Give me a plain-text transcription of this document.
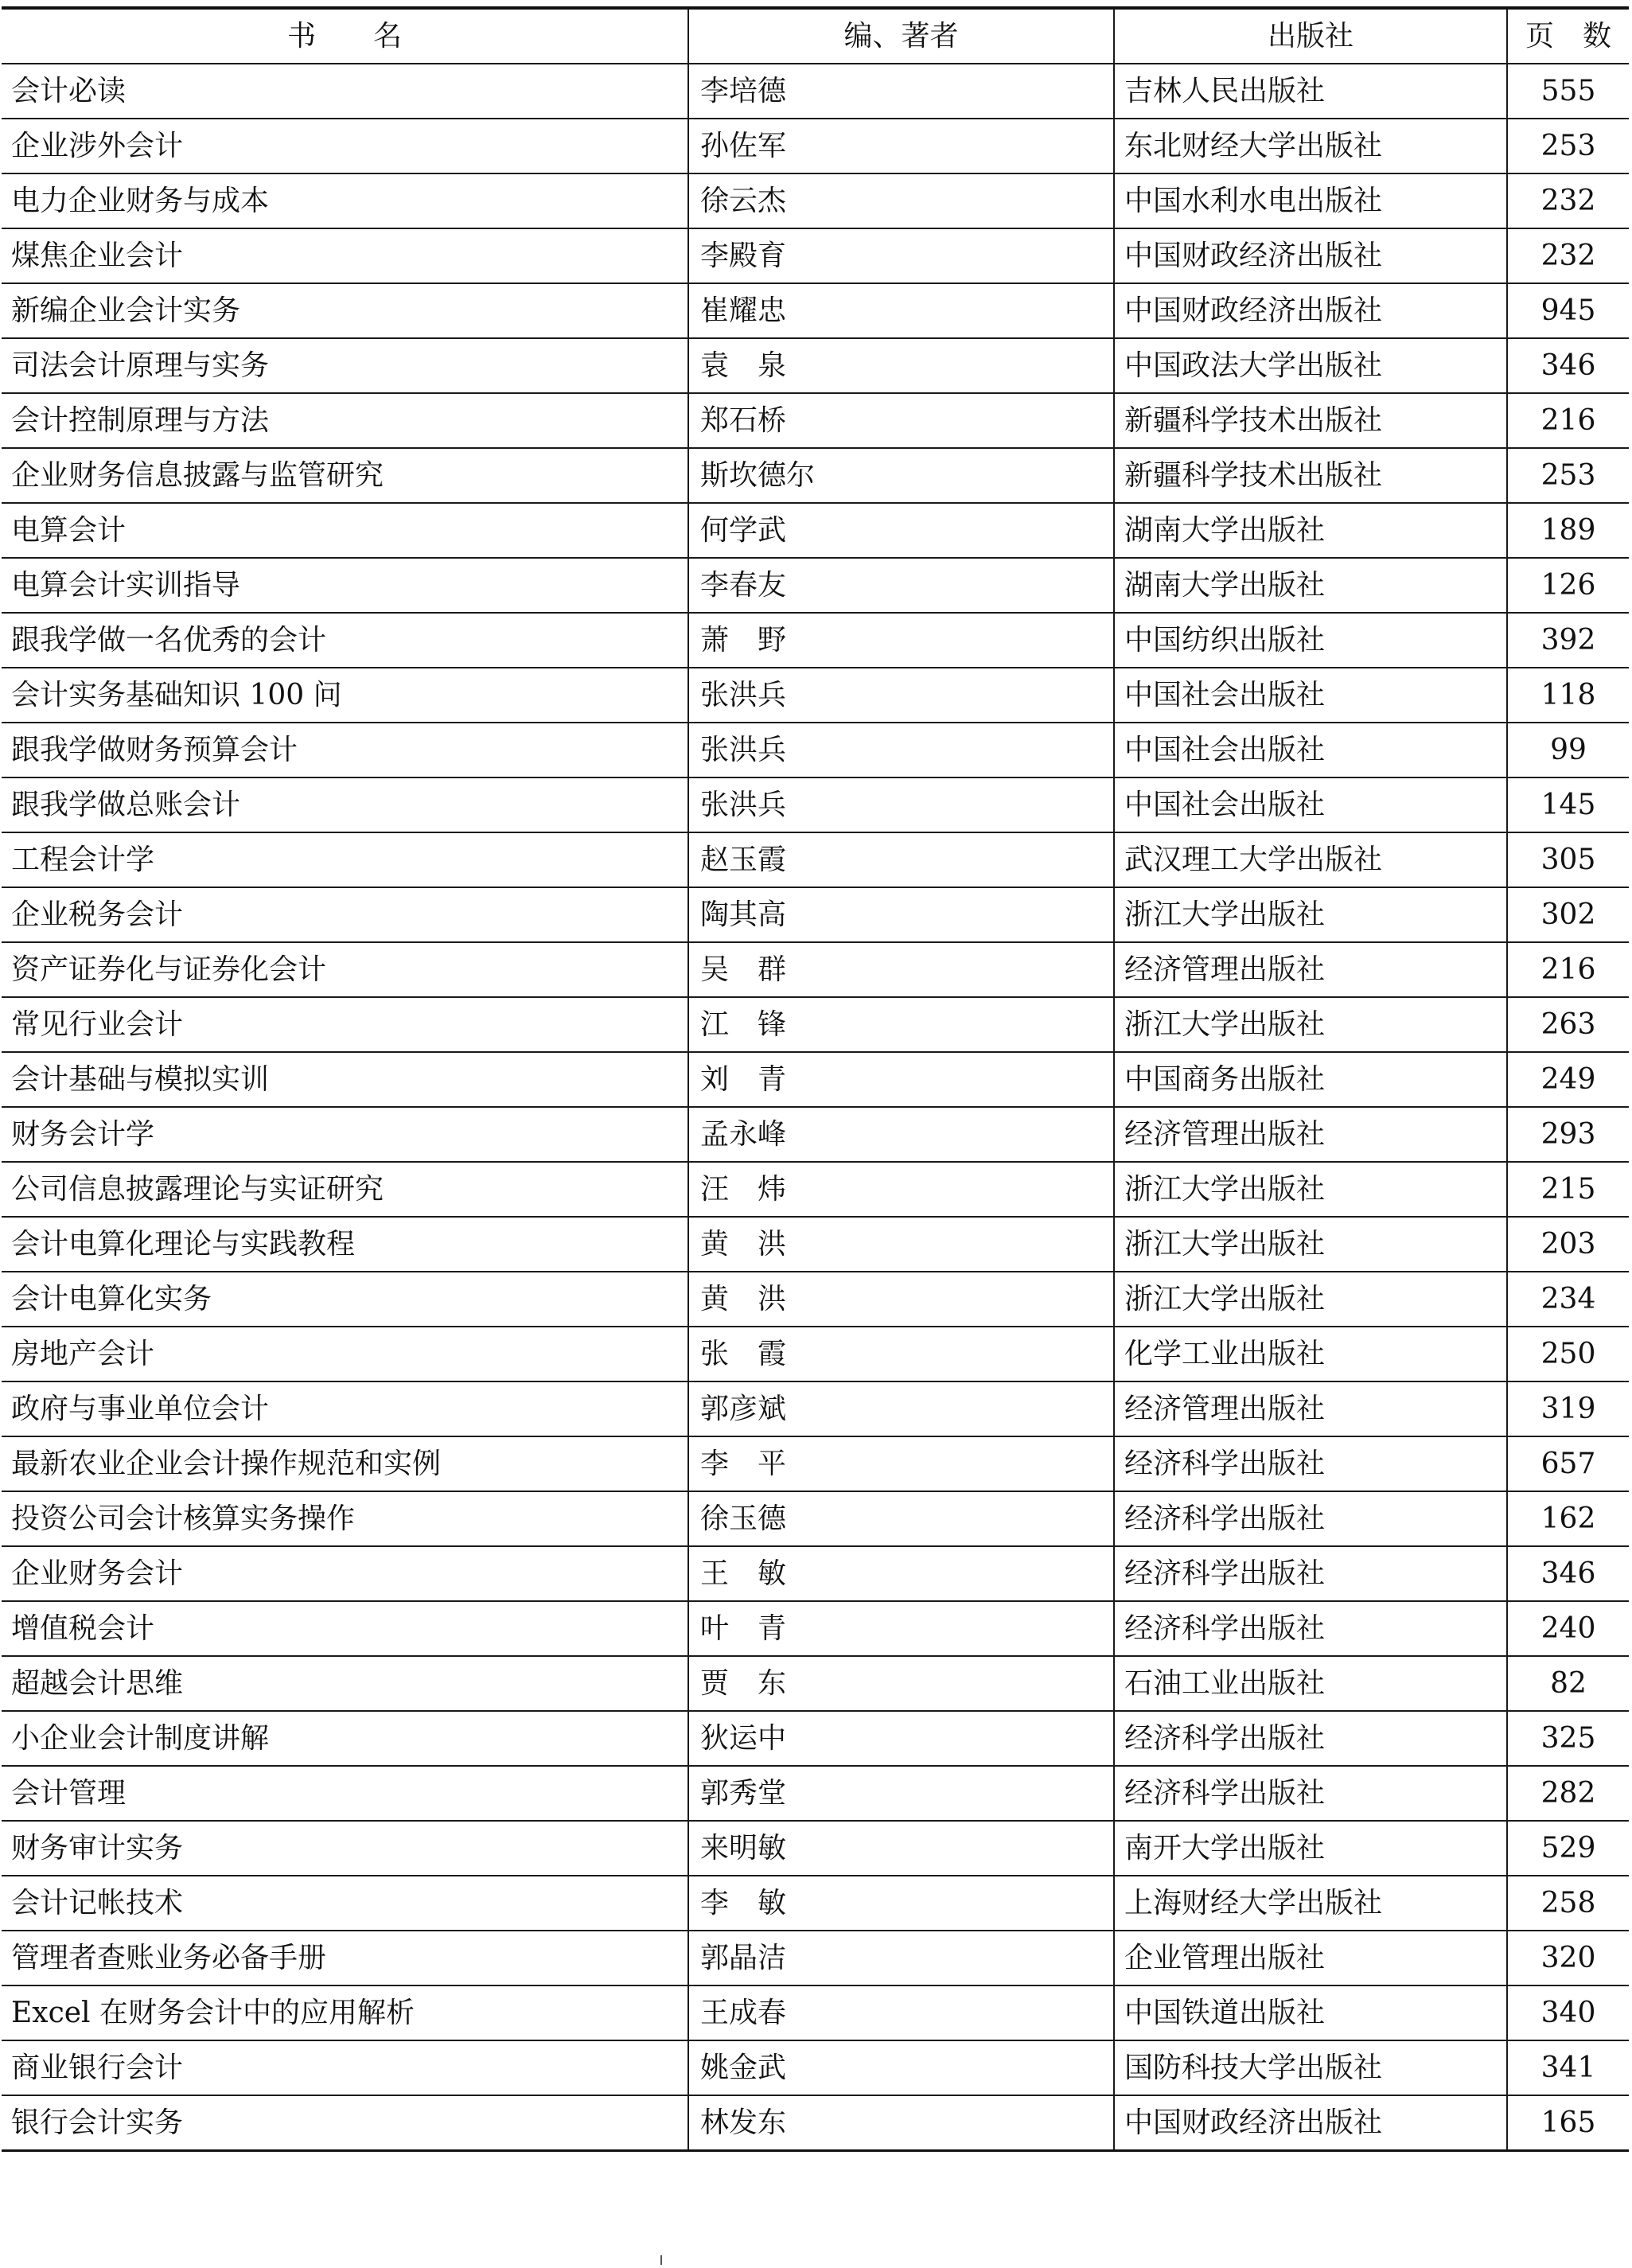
书　　名	编、著者	出版社	页　数
会计必读	李培德	吉林人民出版社	555
企业涉外会计	孙佐军	东北财经大学出版社	253
电力企业财务与成本	徐云杰	中国水利水电出版社	232
煤焦企业会计	李殿育	中国财政经济出版社	232
新编企业会计实务	崔耀忠	中国财政经济出版社	945
司法会计原理与实务	袁　泉	中国政法大学出版社	346
会计控制原理与方法	郑石桥	新疆科学技术出版社	216
企业财务信息披露与监管研究	斯坎德尔	新疆科学技术出版社	253
电算会计	何学武	湖南大学出版社	189
电算会计实训指导	李春友	湖南大学出版社	126
跟我学做一名优秀的会计	萧　野	中国纺织出版社	392
会计实务基础知识 100 问	张洪兵	中国社会出版社	118
跟我学做财务预算会计	张洪兵	中国社会出版社	99
跟我学做总账会计	张洪兵	中国社会出版社	145
工程会计学	赵玉霞	武汉理工大学出版社	305
企业税务会计	陶其高	浙江大学出版社	302
资产证券化与证券化会计	吴　群	经济管理出版社	216
常见行业会计	江　锋	浙江大学出版社	263
会计基础与模拟实训	刘　青	中国商务出版社	249
财务会计学	孟永峰	经济管理出版社	293
公司信息披露理论与实证研究	汪　炜	浙江大学出版社	215
会计电算化理论与实践教程	黄　洪	浙江大学出版社	203
会计电算化实务	黄　洪	浙江大学出版社	234
房地产会计	张　霞	化学工业出版社	250
政府与事业单位会计	郭彦斌	经济管理出版社	319
最新农业企业会计操作规范和实例	李　平	经济科学出版社	657
投资公司会计核算实务操作	徐玉德	经济科学出版社	162
企业财务会计	王　敏	经济科学出版社	346
增值税会计	叶　青	经济科学出版社	240
超越会计思维	贾　东	石油工业出版社	82
小企业会计制度讲解	狄运中	经济科学出版社	325
会计管理	郭秀堂	经济科学出版社	282
财务审计实务	来明敏	南开大学出版社	529
会计记帐技术	李　敏	上海财经大学出版社	258
管理者查账业务必备手册	郭晶洁	企业管理出版社	320
Excel 在财务会计中的应用解析	王成春	中国铁道出版社	340
商业银行会计	姚金武	国防科技大学出版社	341
银行会计实务	林发东	中国财政经济出版社	165
